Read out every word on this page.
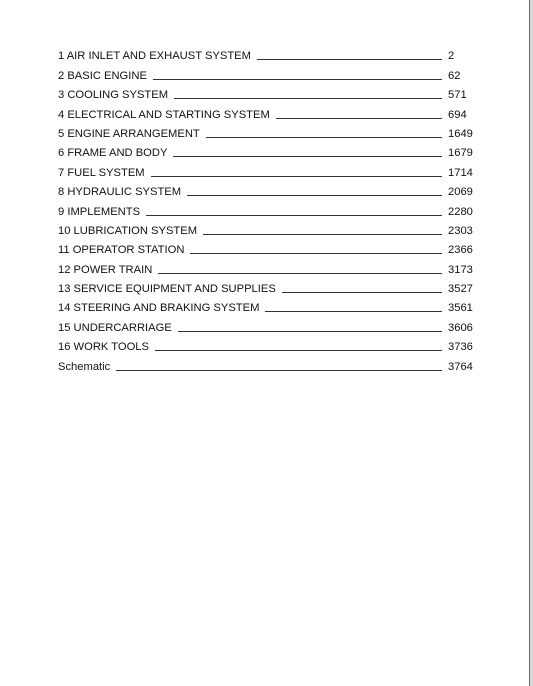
1 AIR INLET AND EXHAUST SYSTEM	2
2 BASIC ENGINE	62
3 COOLING SYSTEM	571
4 ELECTRICAL AND STARTING SYSTEM	694
5 ENGINE ARRANGEMENT	1649
6 FRAME AND BODY	1679
7 FUEL SYSTEM	1714
8 HYDRAULIC SYSTEM	2069
9 IMPLEMENTS	2280
10 LUBRICATION SYSTEM	2303
11 OPERATOR STATION	2366
12 POWER TRAIN	3173
13 SERVICE EQUIPMENT AND SUPPLIES	3527
14 STEERING AND BRAKING SYSTEM	3561
15 UNDERCARRIAGE	3606
16 WORK TOOLS	3736
Schematic	3764
